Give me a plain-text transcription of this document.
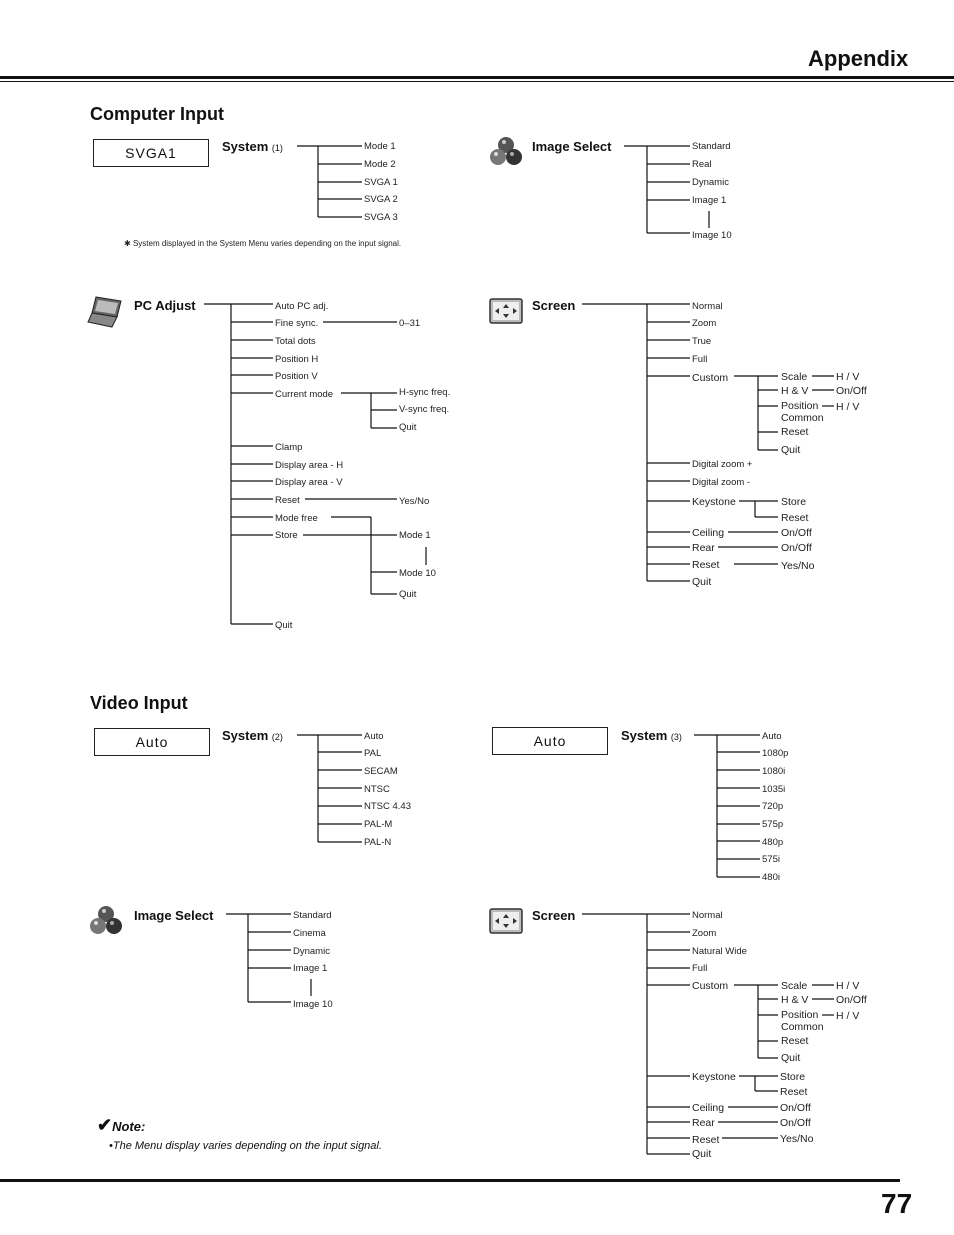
Appendix
Computer Input
Video Input
SVGA1	System (1)	Mode 1
Mode 2
SVGA 1
SVGA 2
SVGA 3
✱ System displayed in the System Menu varies depending on the input signal.
Image Select	Standard
Real
Dynamic
Image 1
Image 10
PC Adjust	Auto PC adj.
Fine sync.
Total dots
Position H
Position V
Current mode
Clamp
Display area - H
Display area - V
Reset
Mode free
Store
Quit
0–31
H-sync freq.
V-sync freq.
Quit
Yes/No
Mode 1
Mode 10
Quit
Screen	Normal
Zoom
True
Full
Custom
Digital zoom +
Digital zoom -
Keystone
Ceiling
Rear
Reset
Quit
Scale
H & V
Position
Common
Reset
Quit
H / V
On/Off
H / V
Store
Reset
On/Off
On/Off
Yes/No
Auto	System (2)	Auto
PAL
SECAM
NTSC
NTSC 4.43
PAL-M
PAL-N
Auto	System (3)	Auto
1080p
1080i
1035i
720p
575p
480p
575i
480i
Image Select	Standard
Cinema
Dynamic
Image 1
Image 10
Screen	Normal
Zoom
Natural Wide
Full
Custom
Keystone
Ceiling
Rear
Reset
Quit
Scale
H & V
Position
Common
Reset
Quit
H / V
On/Off
H / V
Store
Reset
On/Off
On/Off
Yes/No
✔Note:
•The Menu display varies depending on the input signal.
77
